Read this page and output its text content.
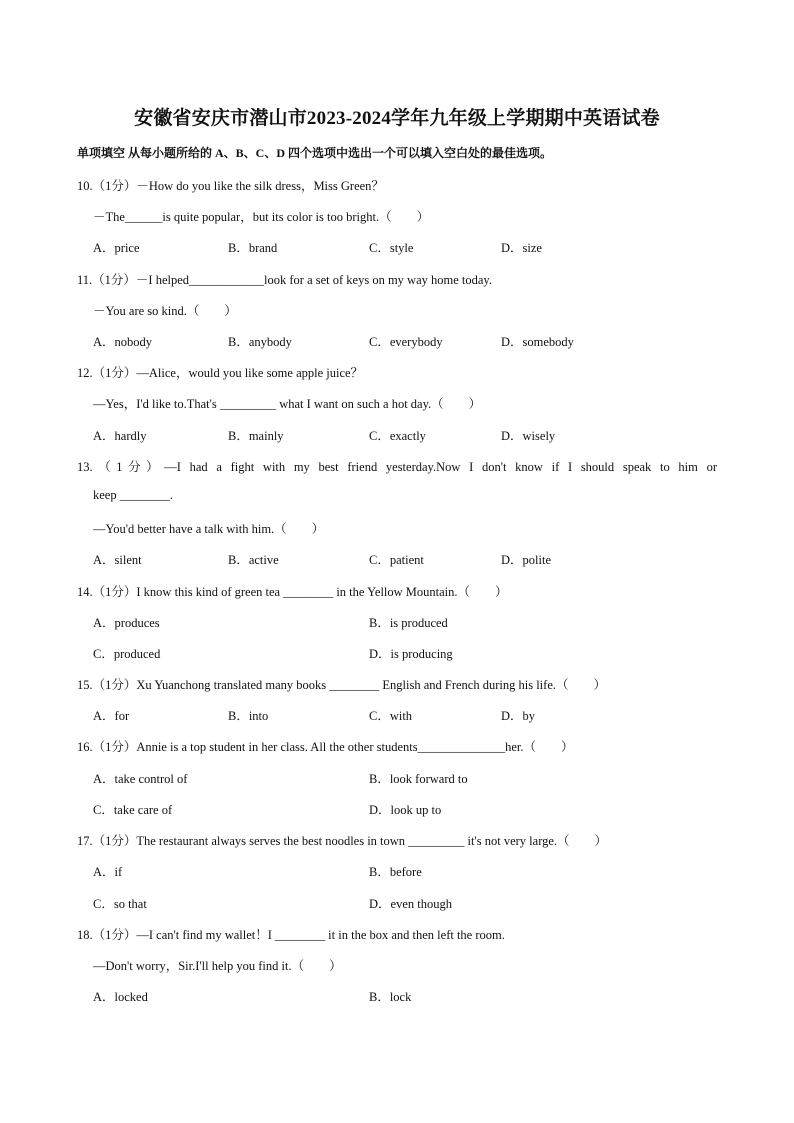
安徽省安庆市潜山市2023-2024学年九年级上学期期中英语试卷
单项填空 从每小题所给的 A、B、C、D 四个选项中选出一个可以填入空白处的最佳选项。
10.（1分）－How do you like the silk dress，Miss Green？
－The______is quite popular，but its color is too bright.（　　）
A．price	B．brand	C．style	D．size
11.（1分）－I helped____________look for a set of keys on my way home today.
－You are so kind.（　　）
A．nobody	B．anybody	C．everybody	D．somebody
12.（1分）—Alice，would you like some apple juice？
—Yes，I'd like to.That's _________ what I want on such a hot day.（　　）
A．hardly	B．mainly	C．exactly	D．wisely
13.（1分）—I had a fight with my best friend yesterday.Now I don't know if I should speak to him or
keep ________.
—You'd better have a talk with him.（　　）
A．silent	B．active	C．patient	D．polite
14.（1分）I know this kind of green tea ________ in the Yellow Mountain.（　　）
A．produces	B．is produced
C．produced	D．is producing
15.（1分）Xu Yuanchong translated many books ________ English and French during his life.（　　）
A．for	B．into	C．with	D．by
16.（1分）Annie is a top student in her class. All the other students______________her.（　　）
A．take control of	B．look forward to
C．take care of	D．look up to
17.（1分）The restaurant always serves the best noodles in town _________ it's not very large.（　　）
A．if	B．before
C．so that	D．even though
18.（1分）—I can't find my wallet！I ________ it in the box and then left the room.
—Don't worry，Sir.I'll help you find it.（　　）
A．locked	B．lock
